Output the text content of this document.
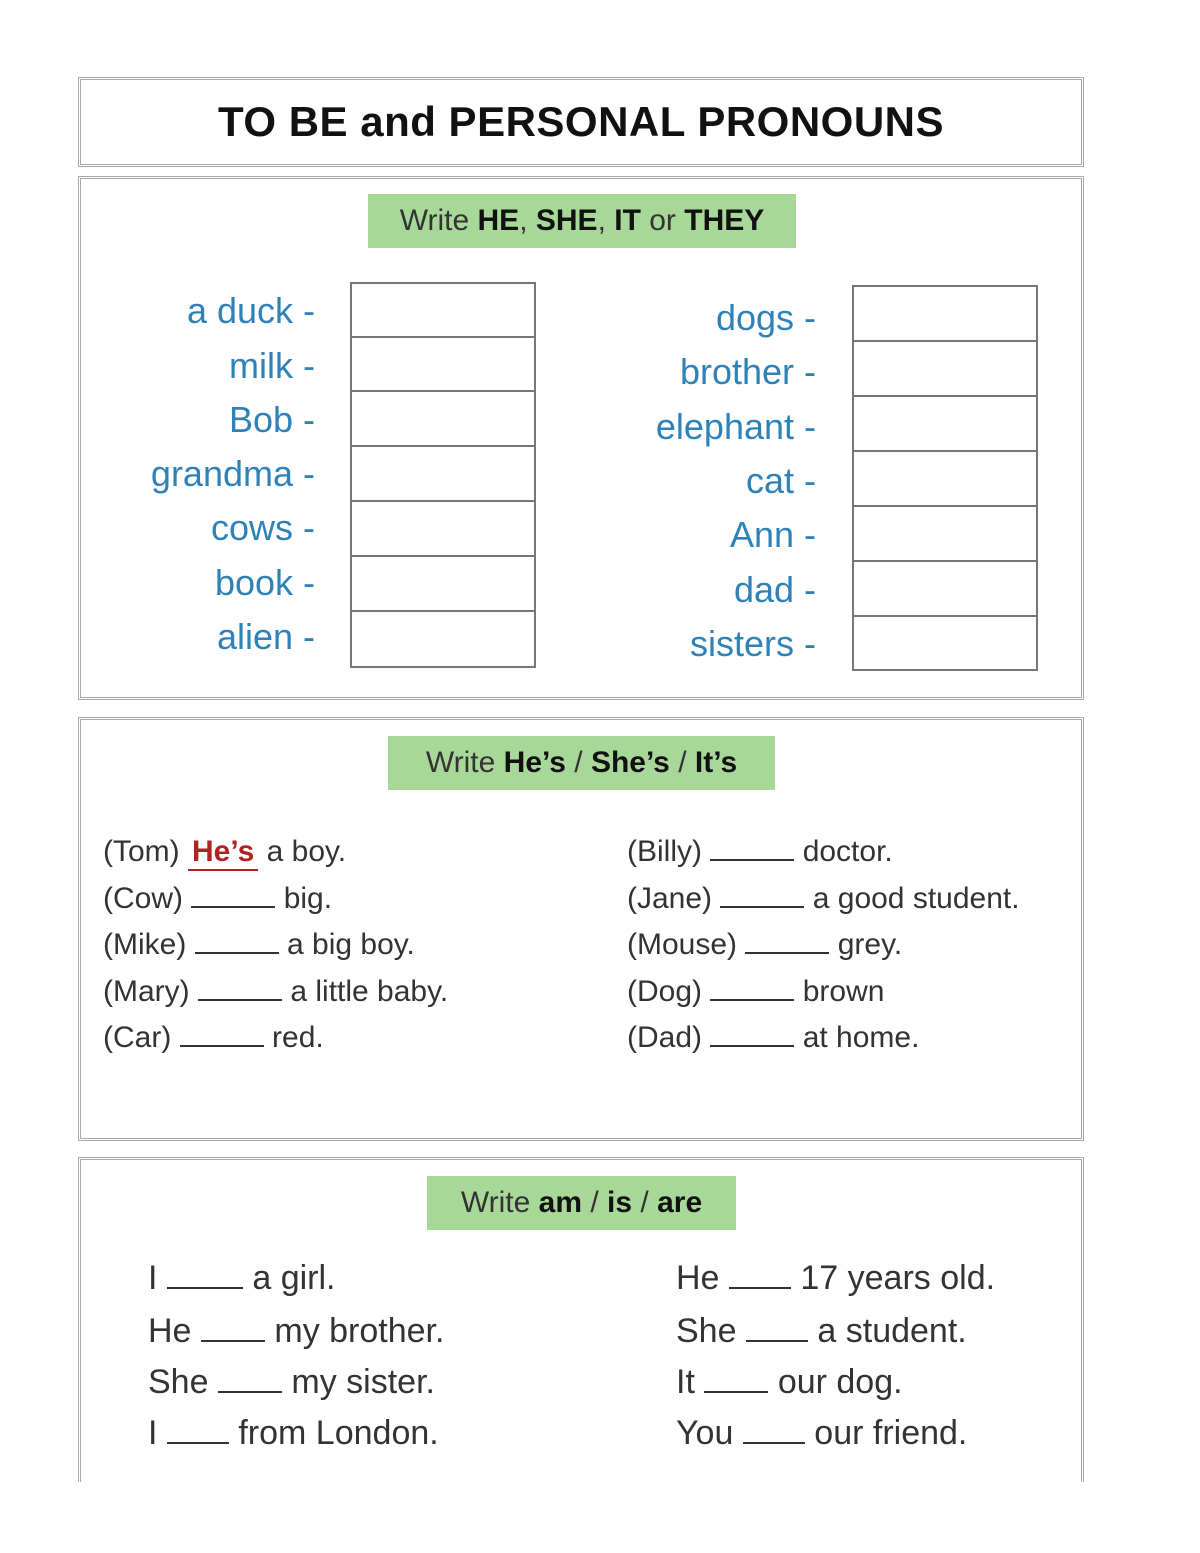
TO BE and PERSONAL PRONOUNS
Write HE , SHE , IT or THEY
a duck -
milk -
Bob -
grandma -
cows -
book -
alien -
dogs -
brother -
elephant -
cat -
Ann -
dad -
sisters -
Write He’s / She’s / It’s
(Tom) He’s a boy.
(Cow)	big.
(Mike)	a big boy.
(Mary)	a little baby.
(Car)	red.
(Billy)	doctor.
(Jane)	a good student.
(Mouse)	grey.
(Dog)	brown
(Dad)	at home.
Write am / is / are
I	a girl.
He my brother.
She my sister.
I from London.
He 17 years old.
She a student.
It our dog.
You our friend.
